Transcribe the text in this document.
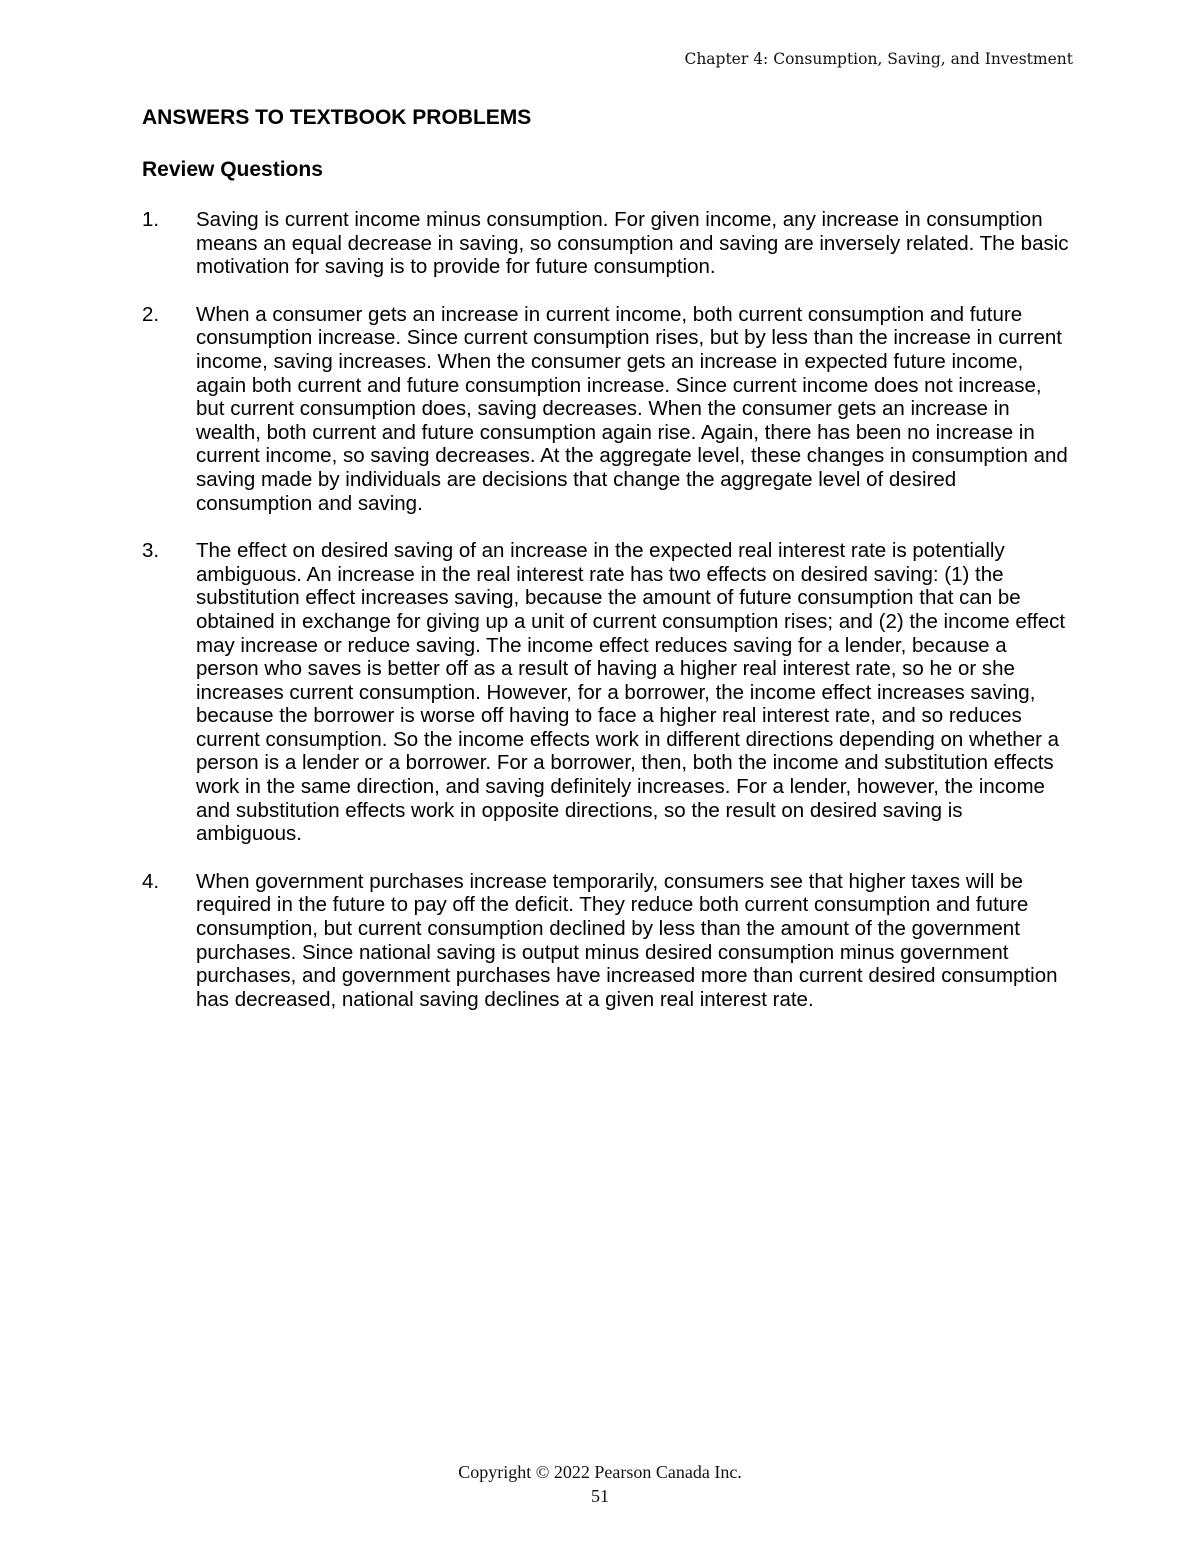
Chapter 4: Consumption, Saving, and Investment
ANSWERS TO TEXTBOOK PROBLEMS
Review Questions
1. Saving is current income minus consumption. For given income, any increase in consumption means an equal decrease in saving, so consumption and saving are inversely related. The basic motivation for saving is to provide for future consumption.
2. When a consumer gets an increase in current income, both current consumption and future consumption increase. Since current consumption rises, but by less than the increase in current income, saving increases. When the consumer gets an increase in expected future income, again both current and future consumption increase. Since current income does not increase, but current consumption does, saving decreases. When the consumer gets an increase in wealth, both current and future consumption again rise. Again, there has been no increase in current income, so saving decreases. At the aggregate level, these changes in consumption and saving made by individuals are decisions that change the aggregate level of desired consumption and saving.
3. The effect on desired saving of an increase in the expected real interest rate is potentially ambiguous. An increase in the real interest rate has two effects on desired saving: (1) the substitution effect increases saving, because the amount of future consumption that can be obtained in exchange for giving up a unit of current consumption rises; and (2) the income effect may increase or reduce saving. The income effect reduces saving for a lender, because a person who saves is better off as a result of having a higher real interest rate, so he or she increases current consumption. However, for a borrower, the income effect increases saving, because the borrower is worse off having to face a higher real interest rate, and so reduces current consumption. So the income effects work in different directions depending on whether a person is a lender or a borrower. For a borrower, then, both the income and substitution effects work in the same direction, and saving definitely increases. For a lender, however, the income and substitution effects work in opposite directions, so the result on desired saving is ambiguous.
4. When government purchases increase temporarily, consumers see that higher taxes will be required in the future to pay off the deficit. They reduce both current consumption and future consumption, but current consumption declined by less than the amount of the government purchases. Since national saving is output minus desired consumption minus government purchases, and government purchases have increased more than current desired consumption has decreased, national saving declines at a given real interest rate.
Copyright © 2022 Pearson Canada Inc.
51
